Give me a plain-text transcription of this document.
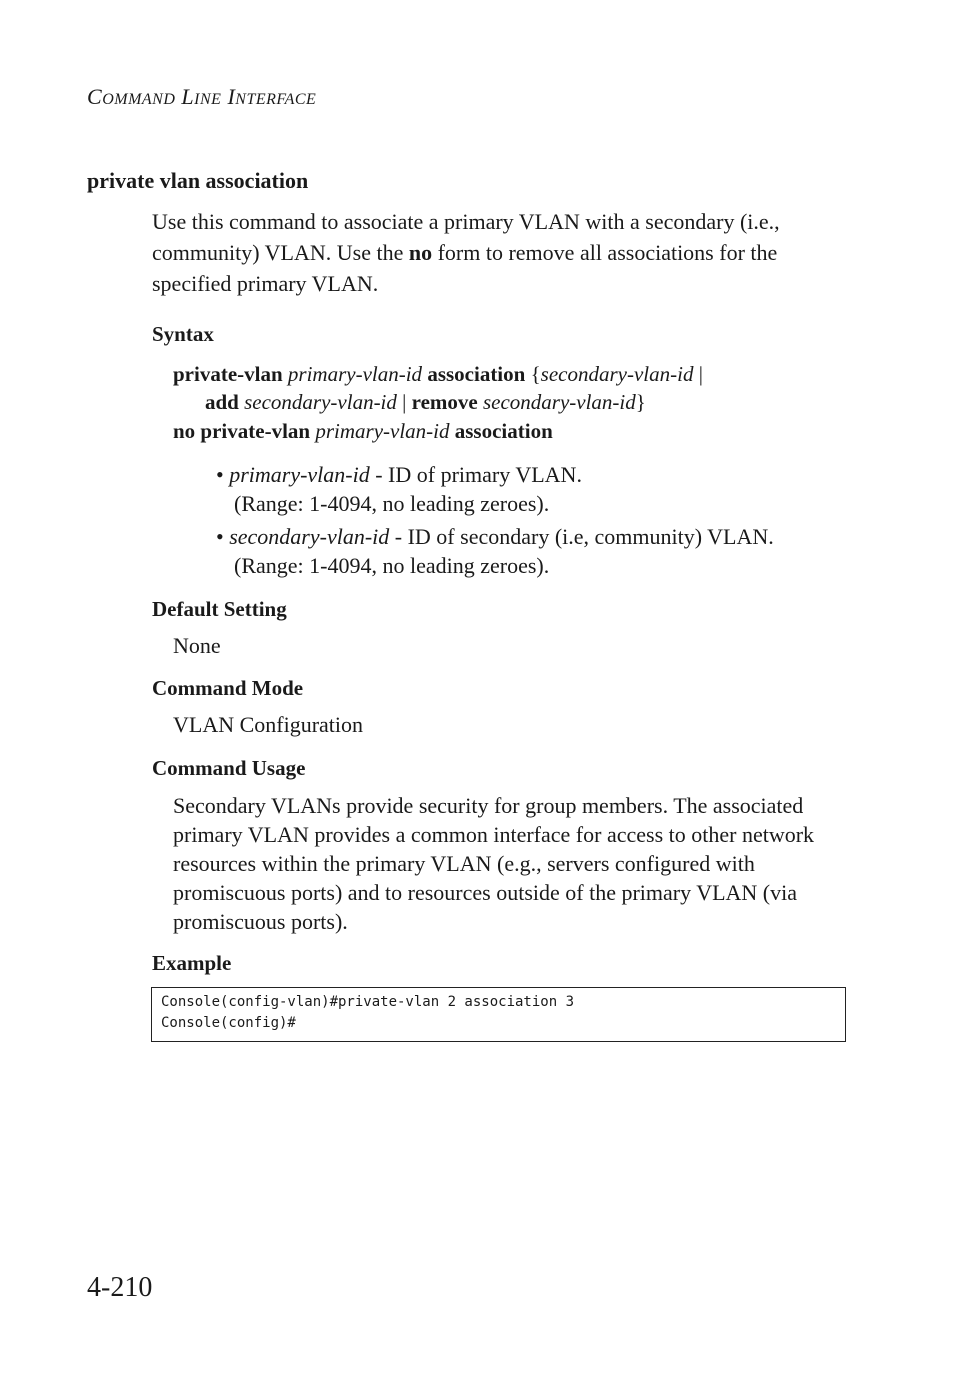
COMMAND LINE INTERFACE
private vlan association
Use this command to associate a primary VLAN with a secondary (i.e., community) VLAN. Use the no form to remove all associations for the specified primary VLAN.
Syntax
private-vlan primary-vlan-id association {secondary-vlan-id |
add secondary-vlan-id | remove secondary-vlan-id}
no private-vlan primary-vlan-id association
• primary-vlan-id - ID of primary VLAN.
(Range: 1-4094, no leading zeroes).
• secondary-vlan-id - ID of secondary (i.e, community) VLAN.
(Range: 1-4094, no leading zeroes).
Default Setting
None
Command Mode
VLAN Configuration
Command Usage
Secondary VLANs provide security for group members. The associated primary VLAN provides a common interface for access to other network resources within the primary VLAN (e.g., servers configured with promiscuous ports) and to resources outside of the primary VLAN (via promiscuous ports).
Example
Console(config-vlan)#private-vlan 2 association 3
Console(config)#
4-210
